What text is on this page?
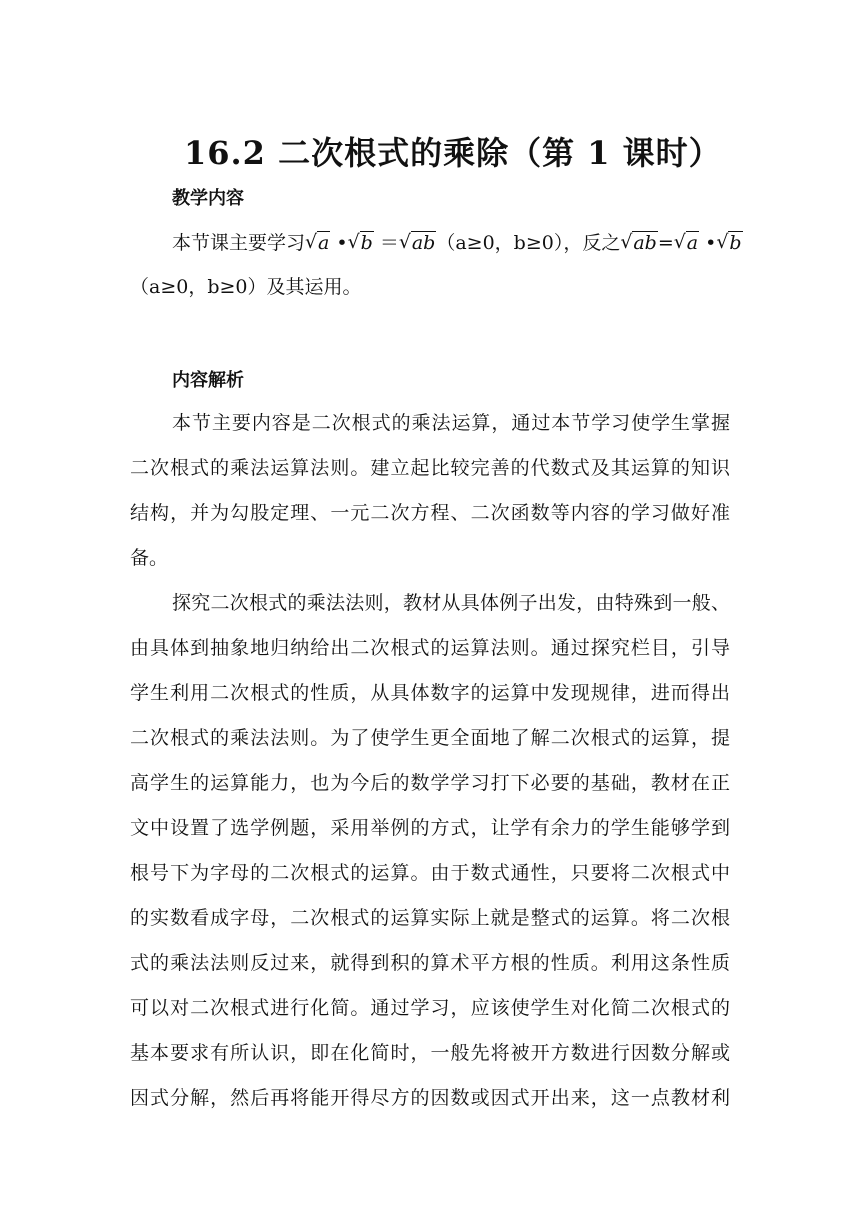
16.2 二次根式的乘除（第 1 课时）
教学内容

本节课主要学习 √ a • √ b ＝ √ ab（a≥0，b≥0），反之 √ ab= √ a • √ b

（a≥0，b≥0）及其运用。

内容解析

本节主要内容是二次根式的乘法运算，通过本节学习使学生掌握

二次根式的乘法运算法则。建立起比较完善的代数式及其运算的知识

结构，并为勾股定理、一元二次方程、二次函数等内容的学习做好准

备。

探究二次根式的乘法法则，教材从具体例子出发，由特殊到一般、

由具体到抽象地归纳给出二次根式的运算法则。通过探究栏目，引导

学生利用二次根式的性质，从具体数字的运算中发现规律，进而得出

二次根式的乘法法则。为了使学生更全面地了解二次根式的运算，提

高学生的运算能力，也为今后的数学学习打下必要的基础，教材在正

文中设置了选学例题，采用举例的方式，让学有余力的学生能够学到

根号下为字母的二次根式的运算。由于数式通性，只要将二次根式中

的实数看成字母，二次根式的运算实际上就是整式的运算。将二次根

式的乘法法则反过来，就得到积的算术平方根的性质。利用这条性质

可以对二次根式进行化简。通过学习，应该使学生对化简二次根式的

基本要求有所认识，即在化简时，一般先将被开方数进行因数分解或

因式分解，然后再将能开得尽方的因数或因式开出来，这一点教材利
